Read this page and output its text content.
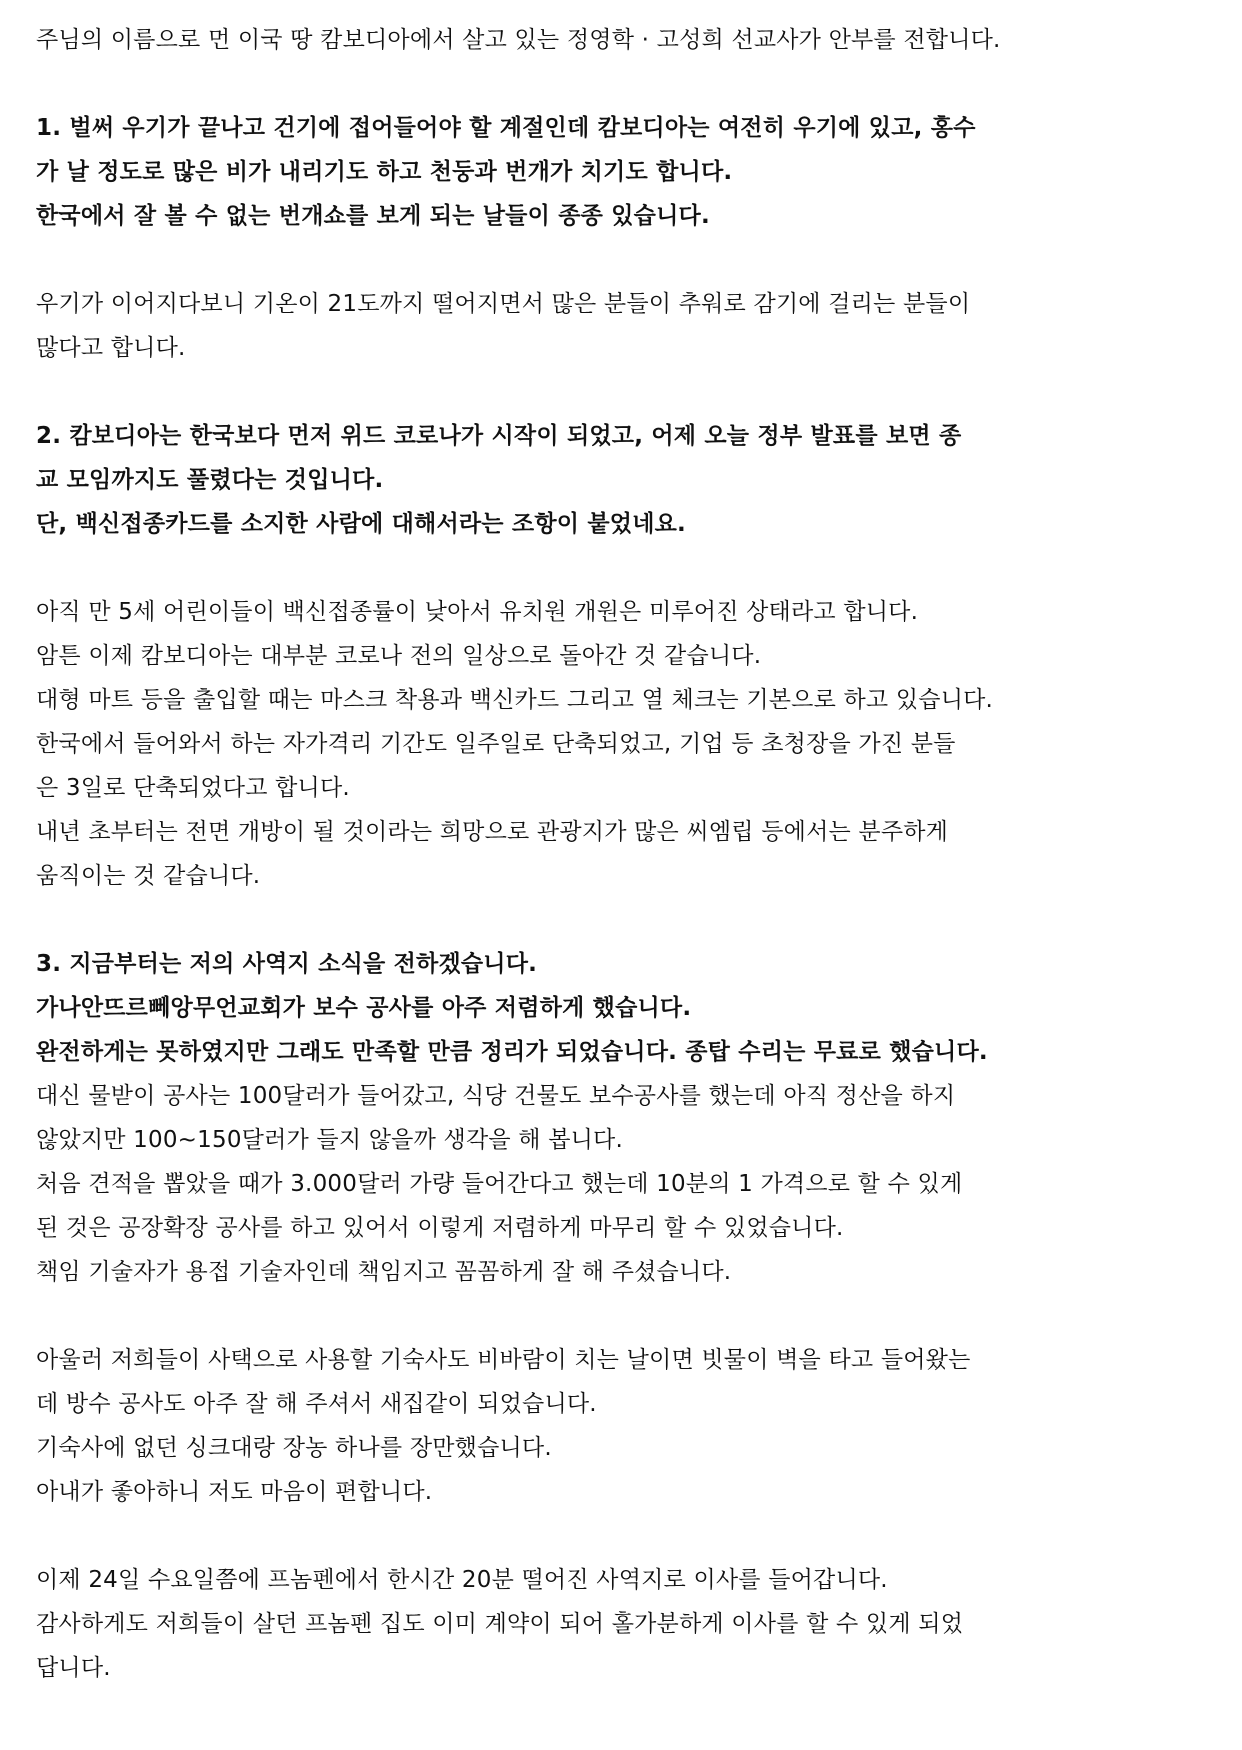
주님의 이름으로 먼 이국 땅 캄보디아에서 살고 있는 정영학 · 고성희 선교사가 안부를 전합니다.
1. 벌써 우기가 끝나고 건기에 접어들어야 할 계절인데 캄보디아는 여전히 우기에 있고, 홍수
가 날 정도로 많은 비가 내리기도 하고 천둥과 번개가 치기도 합니다.
한국에서 잘 볼 수 없는 번개쇼를 보게 되는 날들이 종종 있습니다.
우기가 이어지다보니 기온이 21도까지 떨어지면서 많은 분들이 추워로 감기에 걸리는 분들이
많다고 합니다.
2. 캄보디아는 한국보다 먼저 위드 코로나가 시작이 되었고, 어제 오늘 정부 발표를 보면 종
교 모임까지도 풀렸다는 것입니다.
단, 백신접종카드를 소지한 사람에 대해서라는 조항이 붙었네요.
아직 만 5세 어린이들이 백신접종률이 낮아서 유치원 개원은 미루어진 상태라고 합니다.
암튼 이제 캄보디아는 대부분 코로나 전의 일상으로 돌아간 것 같습니다.
대형 마트 등을 출입할 때는 마스크 착용과 백신카드 그리고 열 체크는 기본으로 하고 있습니다.
한국에서 들어와서 하는 자가격리 기간도 일주일로 단축되었고, 기업 등 초청장을 가진 분들
은 3일로 단축되었다고 합니다.
내년 초부터는 전면 개방이 될 것이라는 희망으로 관광지가 많은 씨엠립 등에서는 분주하게
움직이는 것 같습니다.
3. 지금부터는 저의 사역지 소식을 전하겠습니다.
가나안뜨르뻬앙무언교회가 보수 공사를 아주 저렴하게 했습니다.
완전하게는 못하였지만 그래도 만족할 만큼 정리가 되었습니다. 종탑 수리는 무료로 했습니다.
대신 물받이 공사는 100달러가 들어갔고, 식당 건물도 보수공사를 했는데 아직 정산을 하지
않았지만 100~150달러가 들지 않을까 생각을 해 봅니다.
처음 견적을 뽑았을 때가 3.000달러 가량 들어간다고 했는데 10분의 1 가격으로 할 수 있게
된 것은 공장확장 공사를 하고 있어서 이렇게 저렴하게 마무리 할 수 있었습니다.
책임 기술자가 용접 기술자인데 책임지고 꼼꼼하게 잘 해 주셨습니다.
아울러 저희들이 사택으로 사용할 기숙사도 비바람이 치는 날이면 빗물이 벽을 타고 들어왔는
데 방수 공사도 아주 잘 해 주셔서 새집같이 되었습니다.
기숙사에 없던 싱크대랑 장농 하나를 장만했습니다.
아내가 좋아하니 저도 마음이 편합니다.
이제 24일 수요일쯤에 프놈펜에서 한시간 20분 떨어진 사역지로 이사를 들어갑니다.
감사하게도 저희들이 살던 프놈펜 집도 이미 계약이 되어 홀가분하게 이사를 할 수 있게 되었
답니다.
